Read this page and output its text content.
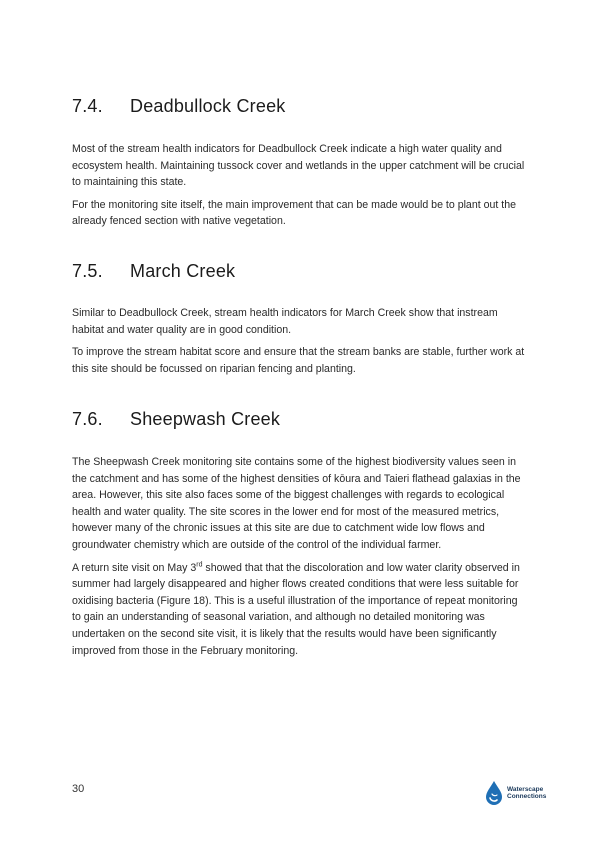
7.4.	Deadbullock Creek

Most of the stream health indicators for Deadbullock Creek indicate a high water quality and ecosystem health. Maintaining tussock cover and wetlands in the upper catchment will be crucial to maintaining this state.

For the monitoring site itself, the main improvement that can be made would be to plant out the already fenced section with native vegetation.

7.5.	March Creek

Similar to Deadbullock Creek, stream health indicators for March Creek show that instream habitat and water quality are in good condition.

To improve the stream habitat score and ensure that the stream banks are stable, further work at this site should be focussed on riparian fencing and planting.

7.6.	Sheepwash Creek

The Sheepwash Creek monitoring site contains some of the highest biodiversity values seen in the catchment and has some of the highest densities of kōura and Taieri flathead galaxias in the area. However, this site also faces some of the biggest challenges with regards to ecological health and water quality. The site scores in the lower end for most of the measured metrics, however many of the chronic issues at this site are due to catchment wide low flows and groundwater chemistry which are outside of the control of the individual farmer.

A return site visit on May 3rd showed that that the discoloration and low water clarity observed in summer had largely disappeared and higher flows created conditions that were less suitable for oxidising bacteria (Figure 18). This is a useful illustration of the importance of repeat monitoring to gain an understanding of seasonal variation, and although no detailed monitoring was undertaken on the second site visit, it is likely that the results would have been significantly improved from those in the February monitoring.

30	Waterscape
Connections
